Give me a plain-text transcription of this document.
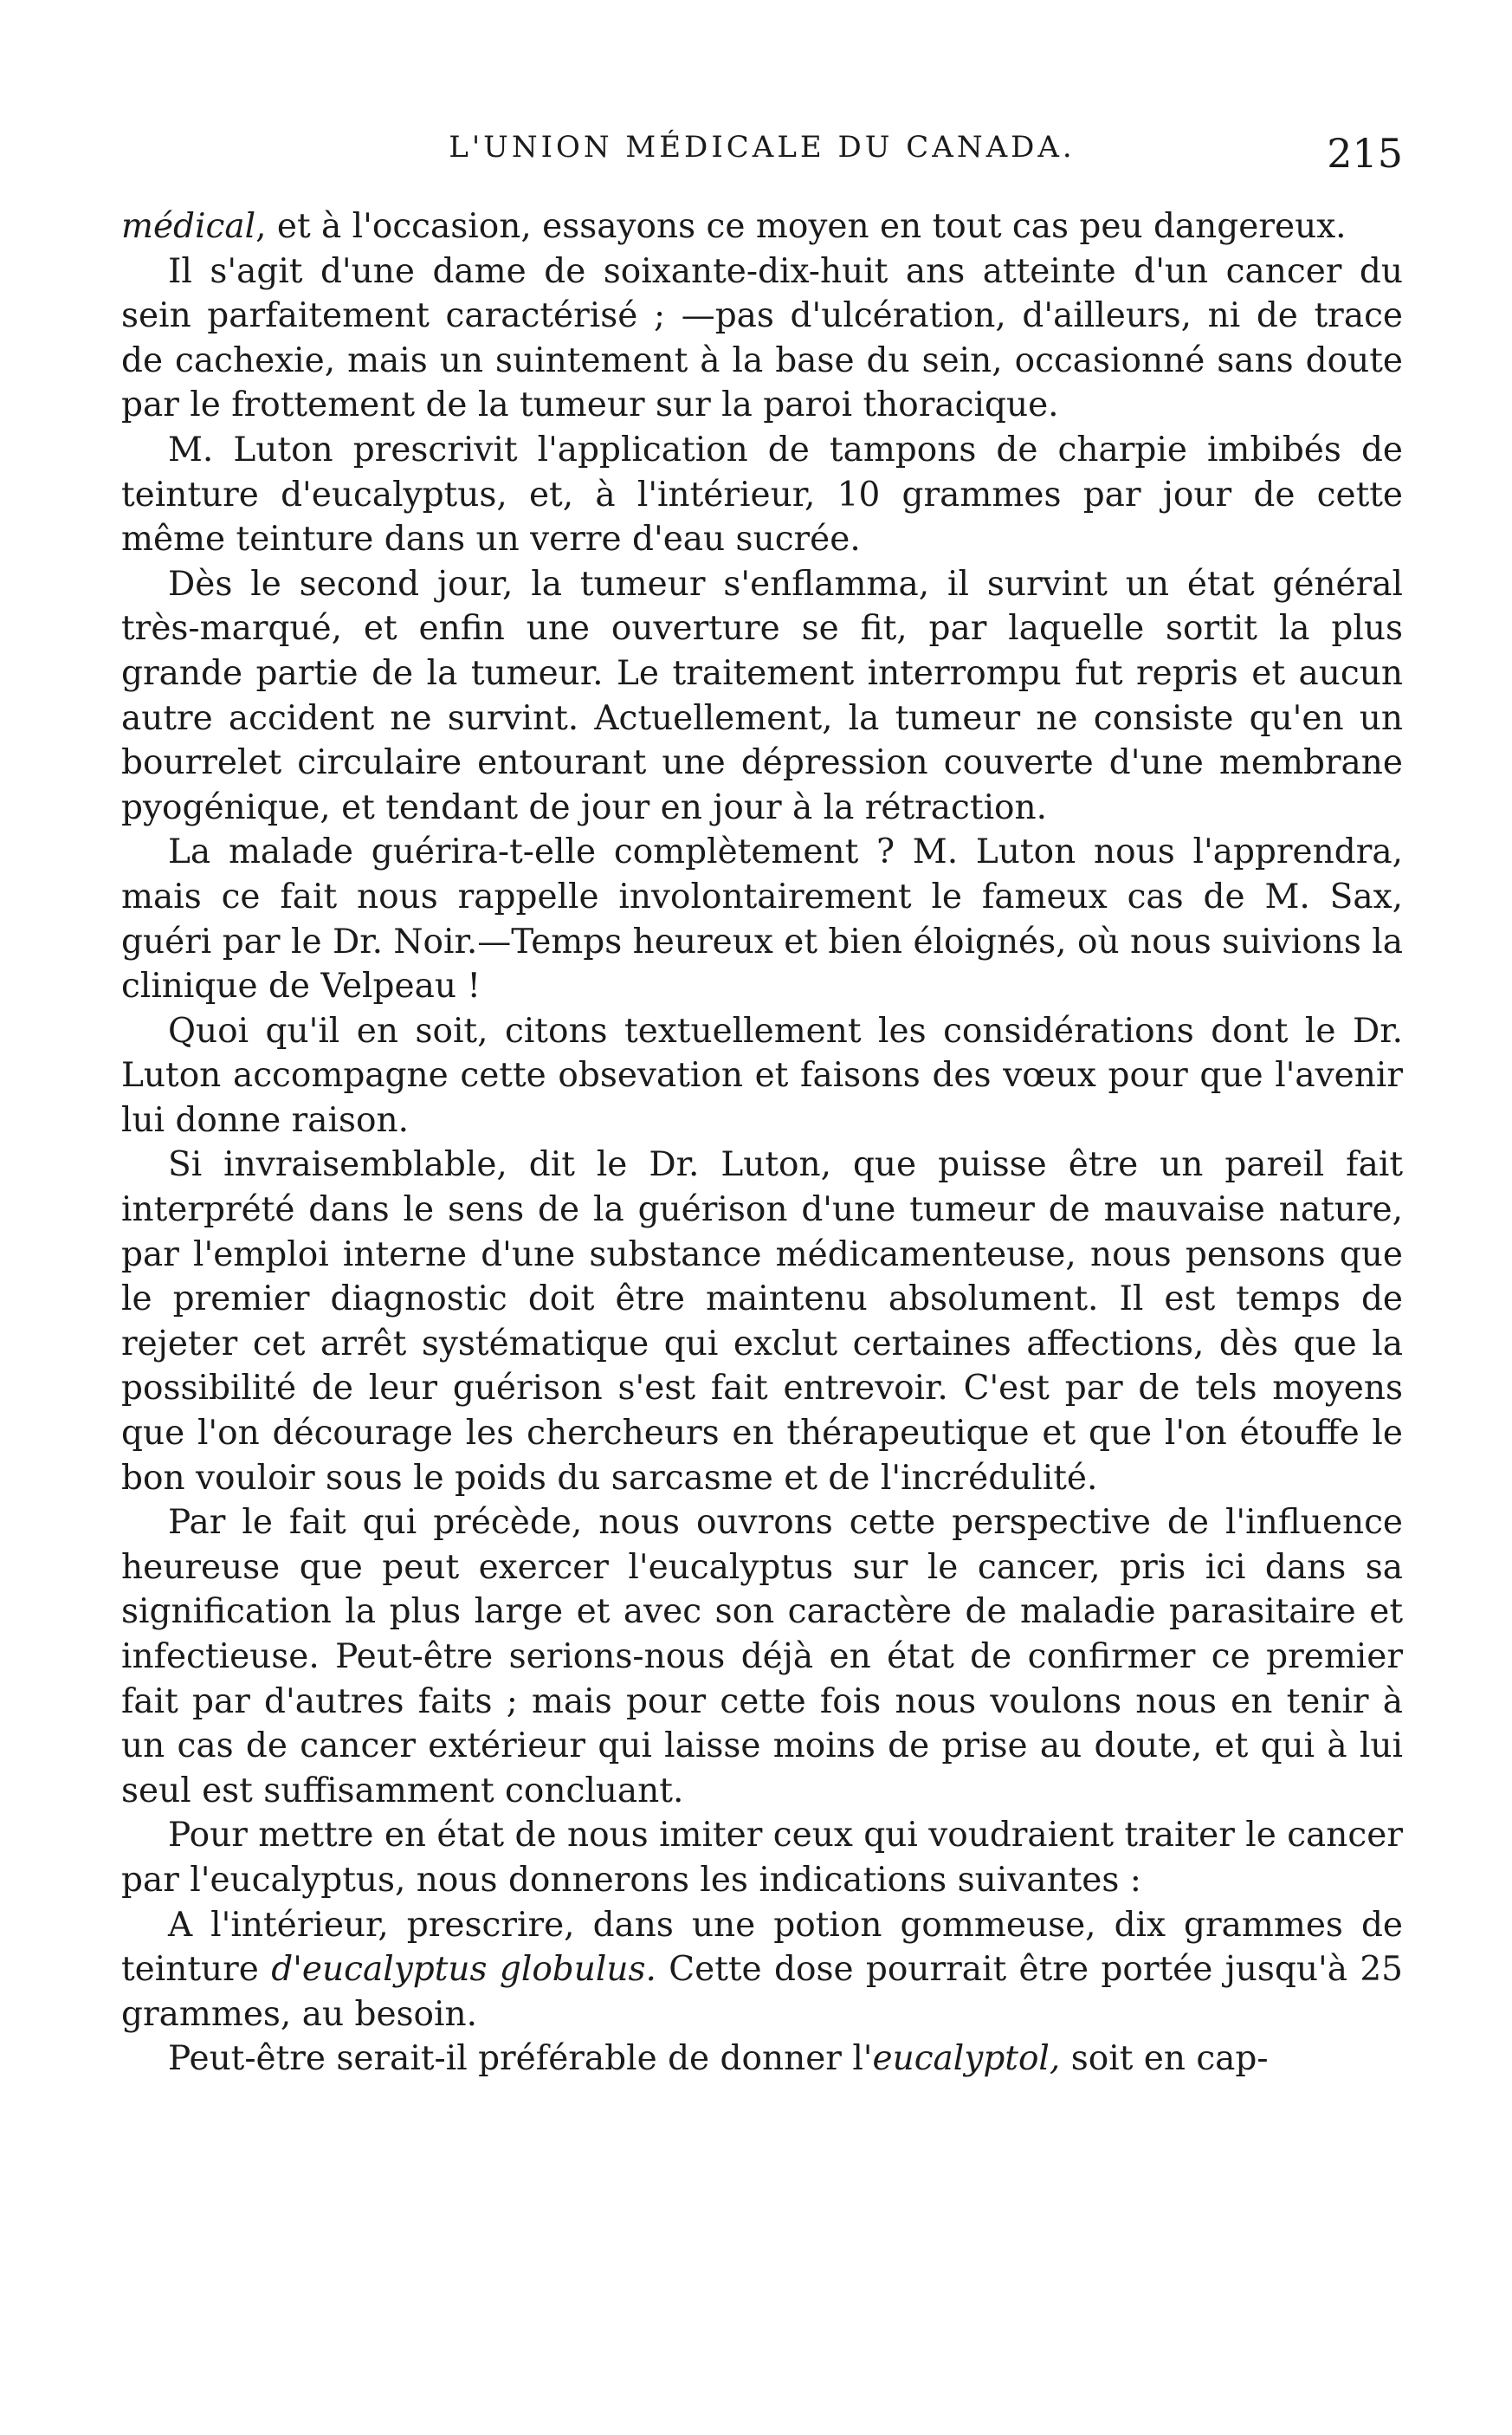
L'UNION MÉDICALE DU CANADA.	215

médical, et à l'occasion, essayons ce moyen en tout cas peu dangereux.

Il s'agit d'une dame de soixante-dix-huit ans atteinte d'un cancer du sein parfaitement caractérisé ; —pas d'ulcération, d'ailleurs, ni de trace de cachexie, mais un suintement à la base du sein, occasionné sans doute par le frottement de la tumeur sur la paroi thoracique.

M. Luton prescrivit l'application de tampons de charpie imbibés de teinture d'eucalyptus, et, à l'intérieur, 10 grammes par jour de cette même teinture dans un verre d'eau sucrée.

Dès le second jour, la tumeur s'enflamma, il survint un état général très-marqué, et enfin une ouverture se fit, par laquelle sortit la plus grande partie de la tumeur. Le traitement interrompu fut repris et aucun autre accident ne survint. Actuellement, la tumeur ne consiste qu'en un bourrelet circulaire entourant une dépression couverte d'une membrane pyogénique, et tendant de jour en jour à la rétraction.

La malade guérira-t-elle complètement ? M. Luton nous l'apprendra, mais ce fait nous rappelle involontairement le fameux cas de M. Sax, guéri par le Dr. Noir.—Temps heureux et bien éloignés, où nous suivions la clinique de Velpeau !

Quoi qu'il en soit, citons textuellement les considérations dont le Dr. Luton accompagne cette obsevation et faisons des vœux pour que l'avenir lui donne raison.

Si invraisemblable, dit le Dr. Luton, que puisse être un pareil fait interprété dans le sens de la guérison d'une tumeur de mauvaise nature, par l'emploi interne d'une substance médicamenteuse, nous pensons que le premier diagnostic doit être maintenu absolument. Il est temps de rejeter cet arrêt systématique qui exclut certaines affections, dès que la possibilité de leur guérison s'est fait entrevoir. C'est par de tels moyens que l'on décourage les chercheurs en thérapeutique et que l'on étouffe le bon vouloir sous le poids du sarcasme et de l'incrédulité.

Par le fait qui précède, nous ouvrons cette perspective de l'influence heureuse que peut exercer l'eucalyptus sur le cancer, pris ici dans sa signification la plus large et avec son caractère de maladie parasitaire et infectieuse. Peut-être serions-nous déjà en état de confirmer ce premier fait par d'autres faits ; mais pour cette fois nous voulons nous en tenir à un cas de cancer extérieur qui laisse moins de prise au doute, et qui à lui seul est suffisamment concluant.

Pour mettre en état de nous imiter ceux qui voudraient traiter le cancer par l'eucalyptus, nous donnerons les indications suivantes :

A l'intérieur, prescrire, dans une potion gommeuse, dix grammes de teinture d'eucalyptus globulus. Cette dose pourrait être portée jusqu'à 25 grammes, au besoin.

Peut-être serait-il préférable de donner l'eucalyptol, soit en cap-
